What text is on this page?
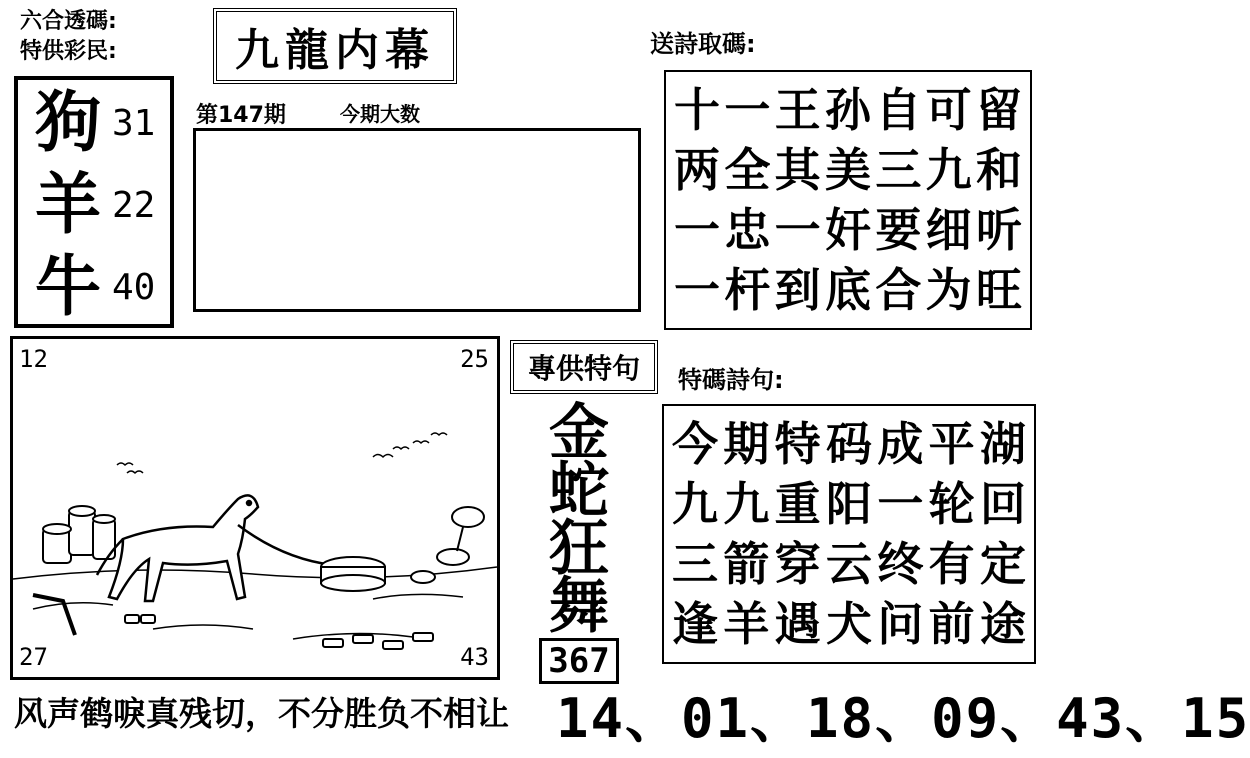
六合透碼:
特供彩民:	九龍内幕
狗 31
羊 22
牛 40
第147期	今期大数
送詩取碼:
十 一 王 孙 自 可 留
两 全 其 美 三 九 和
一 忠 一 奸 要 细 听
一 杆 到 底 合 为 旺
12	25
27	43
專供特句
金
蛇
狂
舞
367
特碼詩句:
今 期 特 码 成 平 湖
九 九 重 阳 一 轮 回
三 箭 穿 云 终 有 定
逢 羊 遇 犬 问 前 途
风声鹤唳真残切，不分胜负不相让 14、01、18、09、43、15
